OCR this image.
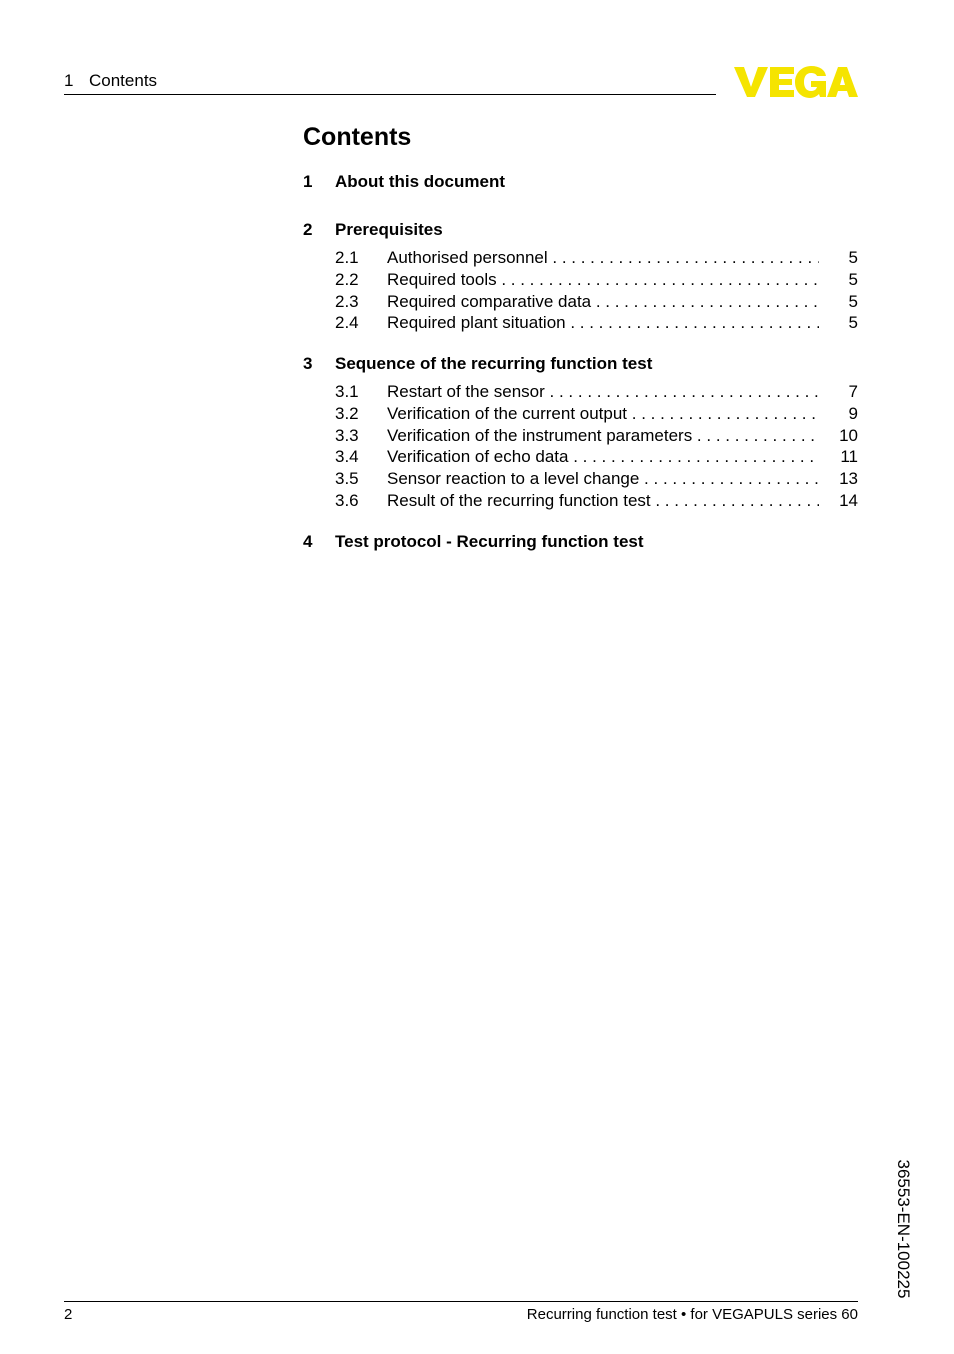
1 Contents
Contents
1 About this document
2 Prerequisites
2.1 Authorised personnel . . .	5
2.2 Required tools . . .	5
2.3 Required comparative data . . .	5
2.4 Required plant situation . . .	5
3 Sequence of the recurring function test
3.1 Restart of the sensor . . .	7
3.2 Verification of the current output . . .	9
3.3 Verification of the instrument parameters . . .	10
3.4 Verification of echo data . . .	11
3.5 Sensor reaction to a level change . . .	13
3.6 Result of the recurring function test . . .	14
4 Test protocol - Recurring function test
2	Recurring function test • for VEGAPULS series 60
36553-EN-100225
